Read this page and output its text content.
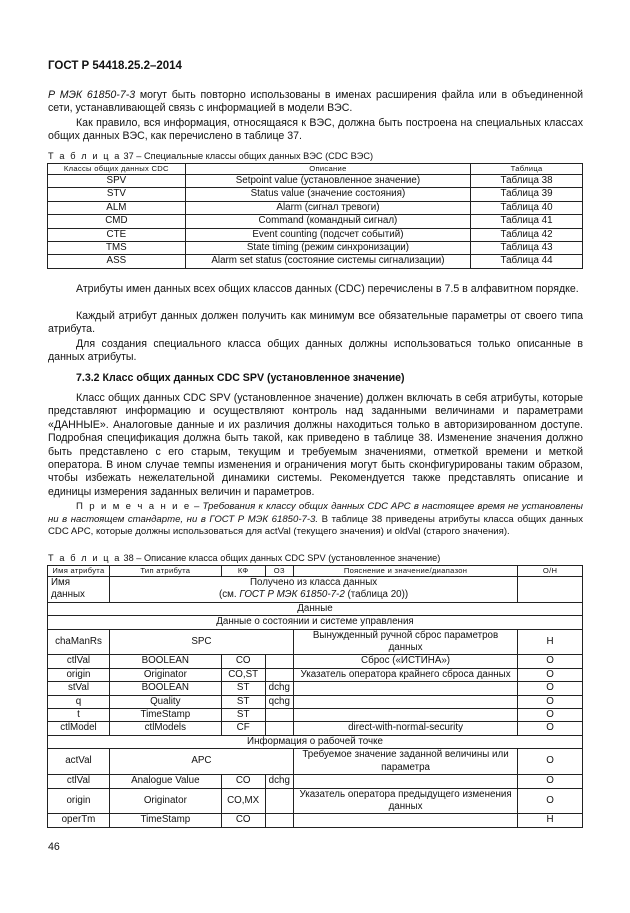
ГОСТ Р 54418.25.2–2014
Р МЭК 61850-7-3 могут быть повторно использованы в именах расширения файла или в объединенной сети, устанавливающей связь с информацией в модели ВЭС.
Как правило, вся информация, относящаяся к ВЭС, должна быть построена на специальных классах общих данных ВЭС, как перечислено в таблице 37.
Т а б л и ц а 37 – Специальные классы общих данных ВЭС (CDC ВЭС)
Классы общих данных CDC	Описание	Таблица
SPV	Setpoint value (установленное значение)	Таблица 38
STV	Status value (значение состояния)	Таблица 39
ALM	Alarm (сигнал тревоги)	Таблица 40
CMD	Command (командный сигнал)	Таблица 41
CTE	Event counting (подсчет событий)	Таблица 42
TMS	State timing (режим синхронизации)	Таблица 43
ASS	Alarm set status (состояние системы сигнализации)	Таблица 44
Атрибуты имен данных всех общих классов данных (CDC) перечислены в 7.5 в алфавитном порядке.
Каждый атрибут данных должен получить как минимум все обязательные параметры от своего типа атрибута.
Для создания специального класса общих данных должны использоваться только описанные в данных атрибуты.
7.3.2 Класс общих данных CDC SPV (установленное значение)
Класс общих данных CDC SPV (установленное значение) должен включать в себя атрибуты, которые представляют информацию и осуществляют контроль над заданными величинами и параметрами «ДАННЫЕ». Аналоговые данные и их различия должны находиться только в авторизированном доступе. Подробная спецификация должна быть такой, как приведено в таблице 38. Изменение значения должно быть представлено с его старым, текущим и требуемым значениями, отметкой времени и меткой оператора. В ином случае темпы изменения и ограничения могут быть сконфигурированы таким образом, чтобы избежать нежелательной динамики системы. Рекомендуется также представлять описание и единицы измерения заданных величин и параметров.
П р и м е ч а н и е – Требования к классу общих данных CDC APC в настоящее время не установлены ни в настоящем стандарте, ни в ГОСТ Р МЭК 61850-7-3. В таблице 38 приведены атрибуты класса общих данных CDC APC, которые должны использоваться для actVal (текущего значения) и oldVal (старого значения).
Т а б л и ц а 38 – Описание класса общих данных CDC SPV (установленное значение)
Имя атрибута	Тип атрибута	КФ	ОЗ	Пояснение и значение/диапазон	О/Н
Имя данных	Получено из класса данных
(см. ГОСТ Р МЭК 61850-7-2 (таблица 20))				

Данные					
Данные о состоянии и системе управления					
chaManRs	SPC			Вынужденный ручной сброс параметров данных	Н
ctlVal	BOOLEAN	CO		Сброс («ИСТИНА»)	О
origin	Originator	CO,ST		Указатель оператора крайнего сброса данных	О
stVal	BOOLEAN	ST	dchg		О
q	Quality	ST	qchg		О
t	TimeStamp	ST			О
ctlModel	ctlModels	CF		direct-with-normal-security	О
Информация о рабочей точке					
actVal	APC			Требуемое значение заданной величины или параметра	О
ctlVal	Analogue Value	CO	dchg		О
origin	Originator	CO,MX		Указатель оператора предыдущего изменения данных	О
operTm	TimeStamp	CO			Н
46
